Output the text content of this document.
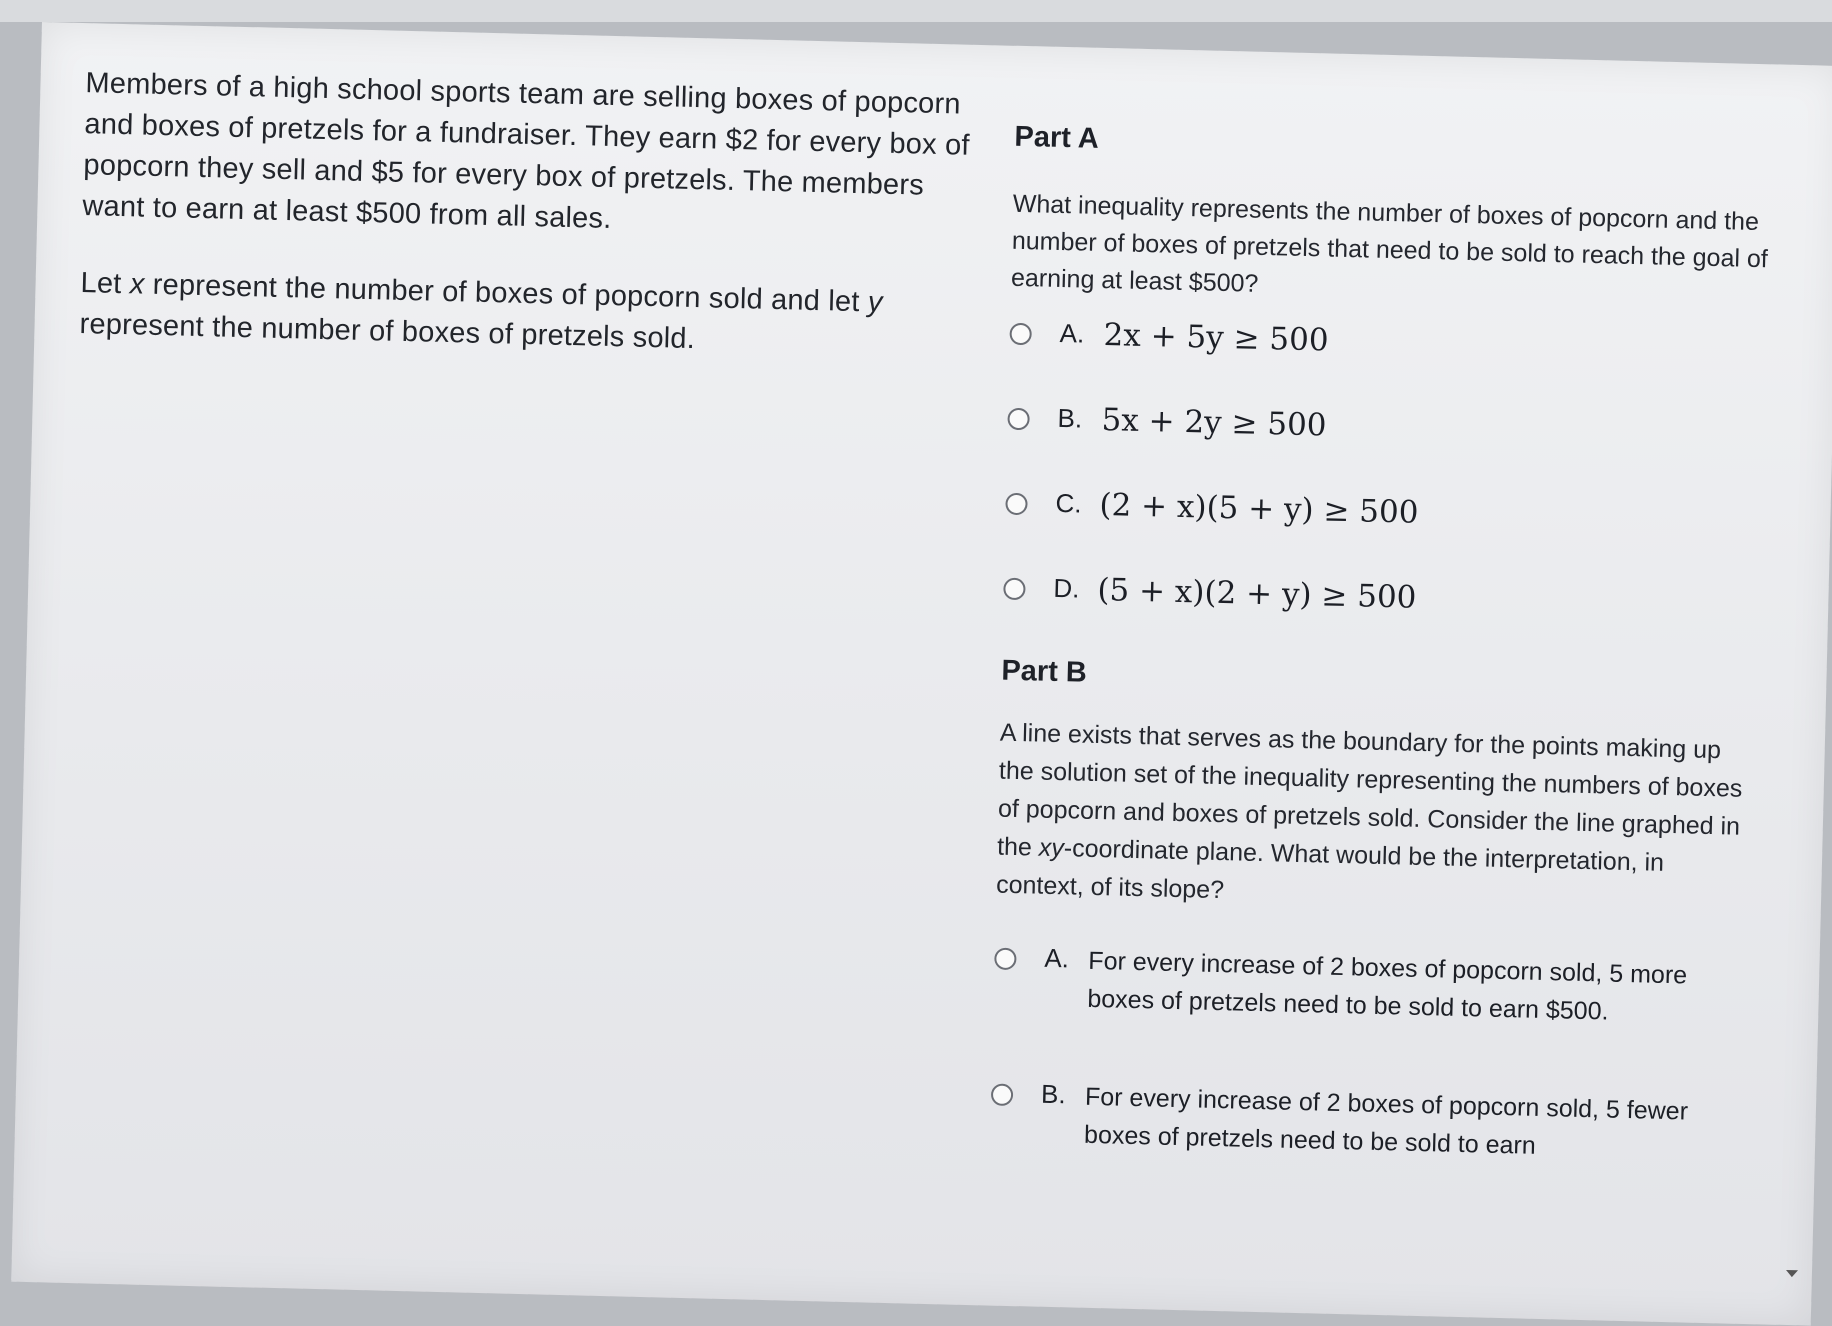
Members of a high school sports team are selling boxes of popcorn and boxes of pretzels for a fundraiser. They earn $2 for every box of popcorn they sell and $5 for every box of pretzels. The members want to earn at least $500 from all sales.

Let x represent the number of boxes of popcorn sold and let y represent the number of boxes of pretzels sold.

Part A
What inequality represents the number of boxes of popcorn and the number of boxes of pretzels that need to be sold to reach the goal of earning at least $500?
A. 2x + 5y ≥ 500
B. 5x + 2y ≥ 500
C. (2 + x)(5 + y) ≥ 500
D. (5 + x)(2 + y) ≥ 500
Part B
A line exists that serves as the boundary for the points making up the solution set of the inequality representing the numbers of boxes of popcorn and boxes of pretzels sold. Consider the line graphed in the xy-coordinate plane. What would be the interpretation, in context, of its slope?
A. For every increase of 2 boxes of popcorn sold, 5 more boxes of pretzels need to be sold to earn $500.
B. For every increase of 2 boxes of popcorn sold, 5 fewer boxes of pretzels need to be sold to earn
